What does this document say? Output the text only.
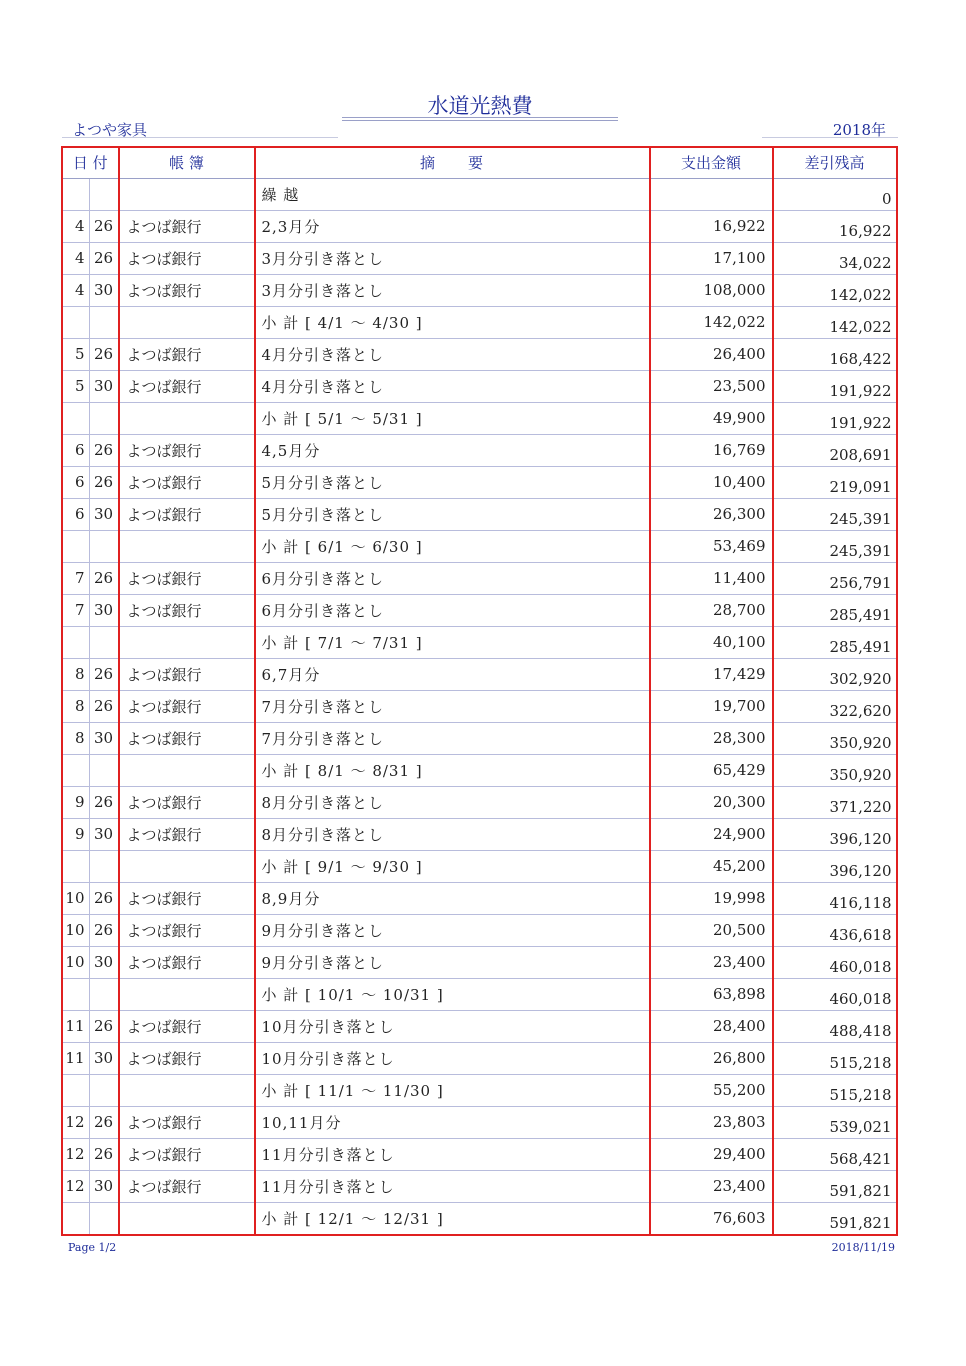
水道光熱費
よつや家具	2018年
日 付		帳 簿	摘　　要	支出金額	差引残高
			繰 越		0
4	26	よつば銀行	2,3月分	16,922	16,922
4	26	よつば銀行	3月分引き落とし	17,100	34,022
4	30	よつば銀行	3月分引き落とし	108,000	142,022
			小 計 [ 4/1 〜 4/30 ]	142,022	142,022
5	26	よつば銀行	4月分引き落とし	26,400	168,422
5	30	よつば銀行	4月分引き落とし	23,500	191,922
			小 計 [ 5/1 〜 5/31 ]	49,900	191,922
6	26	よつば銀行	4,5月分	16,769	208,691
6	26	よつば銀行	5月分引き落とし	10,400	219,091
6	30	よつば銀行	5月分引き落とし	26,300	245,391
			小 計 [ 6/1 〜 6/30 ]	53,469	245,391
7	26	よつば銀行	6月分引き落とし	11,400	256,791
7	30	よつば銀行	6月分引き落とし	28,700	285,491
			小 計 [ 7/1 〜 7/31 ]	40,100	285,491
8	26	よつば銀行	6,7月分	17,429	302,920
8	26	よつば銀行	7月分引き落とし	19,700	322,620
8	30	よつば銀行	7月分引き落とし	28,300	350,920
			小 計 [ 8/1 〜 8/31 ]	65,429	350,920
9	26	よつば銀行	8月分引き落とし	20,300	371,220
9	30	よつば銀行	8月分引き落とし	24,900	396,120
			小 計 [ 9/1 〜 9/30 ]	45,200	396,120
10	26	よつば銀行	8,9月分	19,998	416,118
10	26	よつば銀行	9月分引き落とし	20,500	436,618
10	30	よつば銀行	9月分引き落とし	23,400	460,018
			小 計 [ 10/1 〜 10/31 ]	63,898	460,018
11	26	よつば銀行	10月分引き落とし	28,400	488,418
11	30	よつば銀行	10月分引き落とし	26,800	515,218
			小 計 [ 11/1 〜 11/30 ]	55,200	515,218
12	26	よつば銀行	10,11月分	23,803	539,021
12	26	よつば銀行	11月分引き落とし	29,400	568,421
12	30	よつば銀行	11月分引き落とし	23,400	591,821
			小 計 [ 12/1 〜 12/31 ]	76,603	591,821
Page 1/2	2018/11/19
